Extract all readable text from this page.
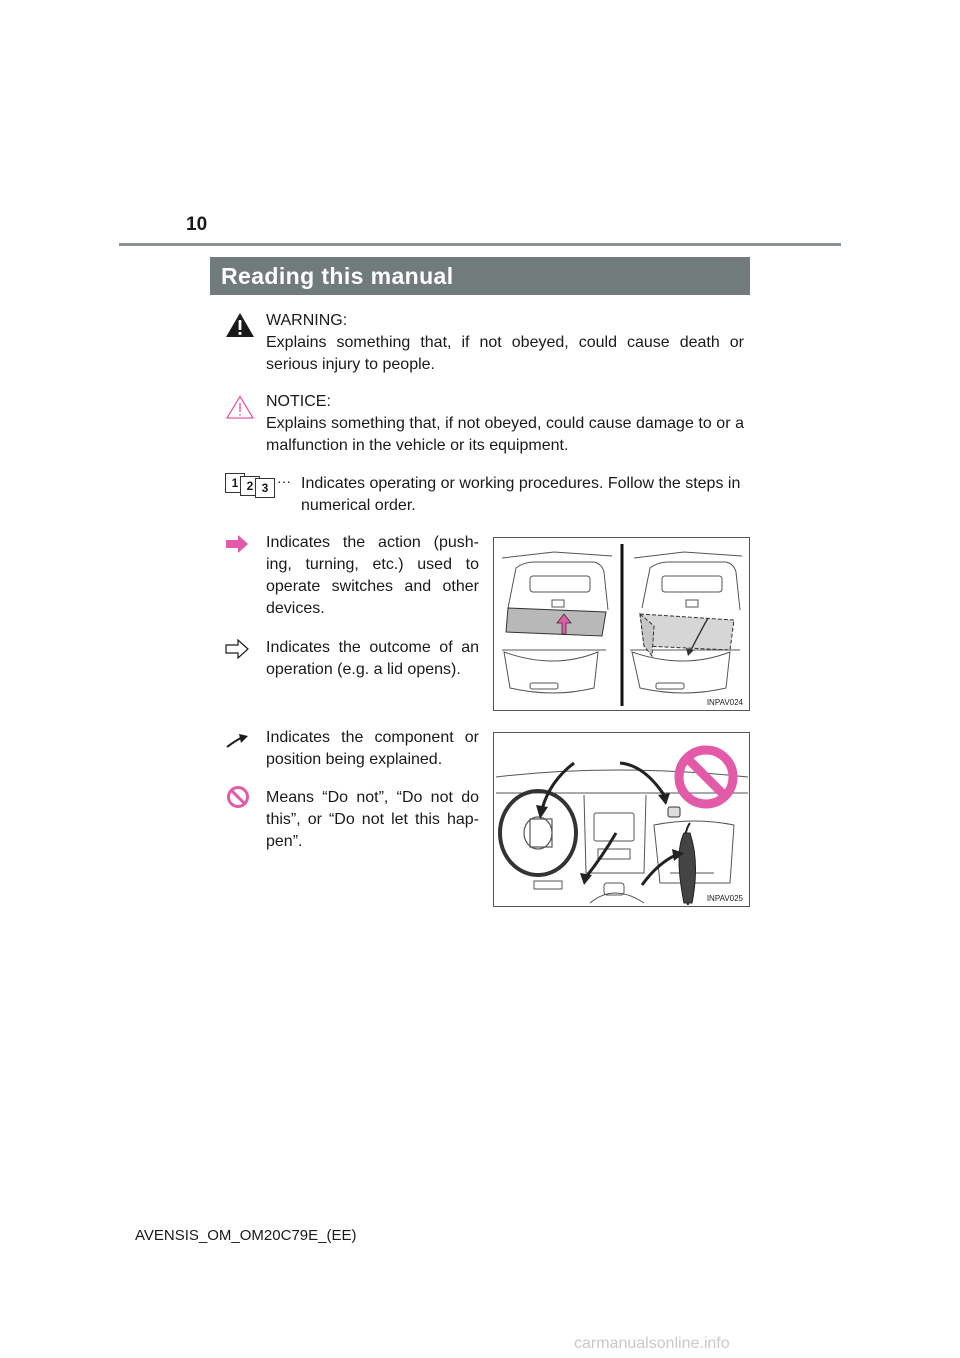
10
Reading this manual
WARNING:
Explains something that, if not obeyed, could cause death or serious injury to people.
NOTICE:
Explains something that, if not obeyed, could cause damage to or a malfunction in the vehicle or its equipment.
1 2 3 ··· Indicates operating or working procedures. Follow the steps in numerical order.
Indicates the action (push-ing, turning, etc.) used to operate switches and other devices.
Indicates the outcome of an operation (e.g. a lid opens).
INPAV024
Indicates the component or position being explained.
Means “Do not”, “Do not do this”, or “Do not let this hap-pen”.
INPAV025
AVENSIS_OM_OM20C79E_(EE)
carmanualsonline.info
